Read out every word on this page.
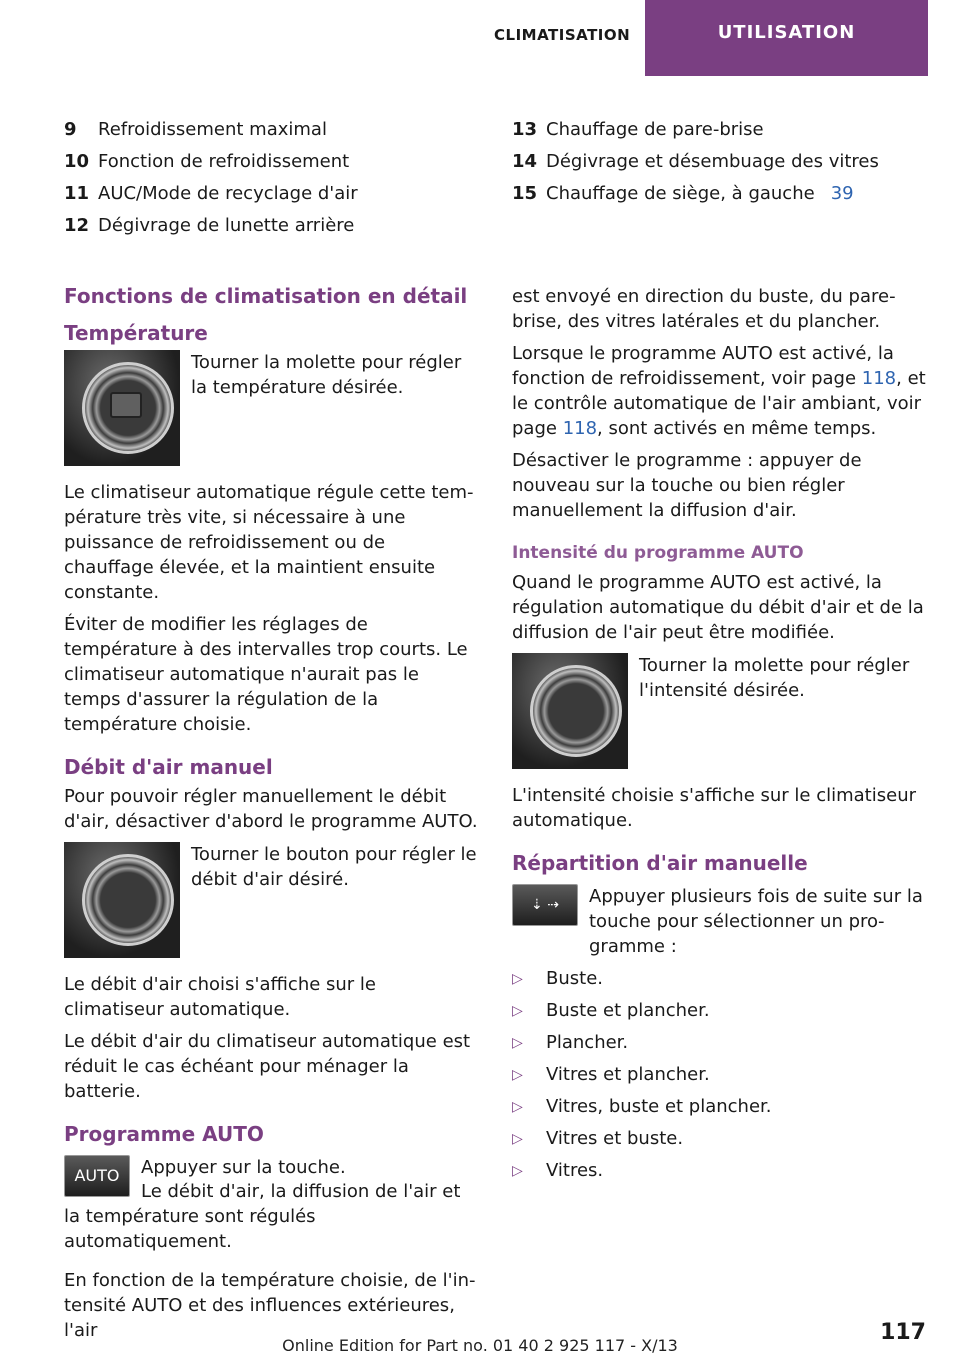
CLIMATISATION	UTILISATION
9	Refroidissement maximal
10 Fonction de refroidissement
11 AUC/Mode de recyclage d'air
12 Dégivrage de lunette arrière
13 Chauffage de pare-brise
14 Dégivrage et désembuage des vitres
15 Chauffage de siège, à gauche 39
Fonctions de climatisation en détail
Température
Tourner la molette pour régler la température désirée.

Le climatiseur automatique régule cette température très vite, si nécessaire à une puissance de refroidissement ou de chauffage élevée, et la maintient ensuite constante.

Éviter de modifier les réglages de température à des intervalles trop courts. Le climatiseur automatique n'aurait pas le temps d'assurer la régulation de la température choisie.

Débit d'air manuel

Pour pouvoir régler manuellement le débit d'air, désactiver d'abord le programme AUTO.

Tourner le bouton pour régler le débit d'air désiré.

Le débit d'air choisi s'affiche sur le climatiseur automatique.

Le débit d'air du climatiseur automatique est réduit le cas échéant pour ménager la batterie.

Programme AUTO
AUTO	Appuyer sur la touche.

Le débit d'air, la diffusion de l'air et la température sont régulés automatiquement.

En fonction de la température choisie, de l'intensité AUTO et des influences extérieures, l'air

est envoyé en direction du buste, du pare-brise, des vitres latérales et du plancher.

Lorsque le programme AUTO est activé, la fonction de refroidissement, voir page 118, et le contrôle automatique de l'air ambiant, voir page 118, sont activés en même temps.

Désactiver le programme : appuyer de nouveau sur la touche ou bien régler manuellement la diffusion d'air.

Intensité du programme AUTO

Quand le programme AUTO est activé, la régulation automatique du débit d'air et de la diffusion de l'air peut être modifiée.

Tourner la molette pour régler l'intensité désirée.

L'intensité choisie s'affiche sur le climatiseur automatique.

Répartition d'air manuelle
⇣ ⇢	Appuyer plusieurs fois de suite sur la touche pour sélectionner un programme :
▷	Buste.
▷	Buste et plancher.
▷	Plancher.
▷	Vitres et plancher.
▷	Vitres, buste et plancher.
▷	Vitres et buste.
▷	Vitres.
117
Online Edition for Part no. 01 40 2 925 117 - X/13
